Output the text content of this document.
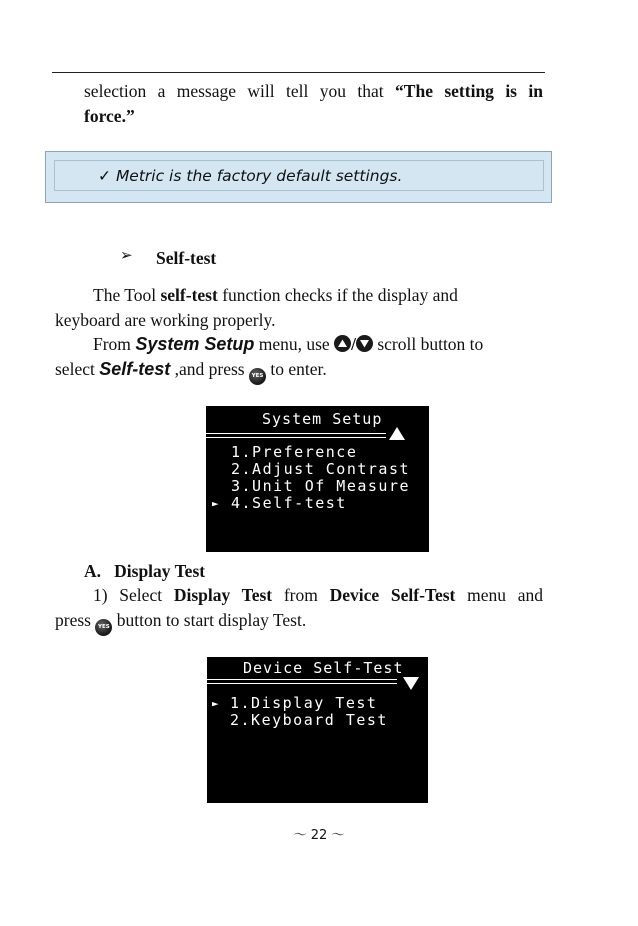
selection a message will tell you that “The setting is in
force.”
✓ Metric is the factory default settings.
➢ Self-test
The Tool self-test function checks if the display and
keyboard are working properly.
From System Setup menu, use
/
scroll button to
select Self-test ,and press YES to enter.
System Setup
1.Preference
2.Adjust Contrast
3.Unit Of Measure
► 4.Self-test
A. Display Test
1) Select Display Test from Device Self-Test menu and
press YES button to start display Test.
Device Self-Test
► 1.Display Test
2.Keyboard Test
～ 22 ～
